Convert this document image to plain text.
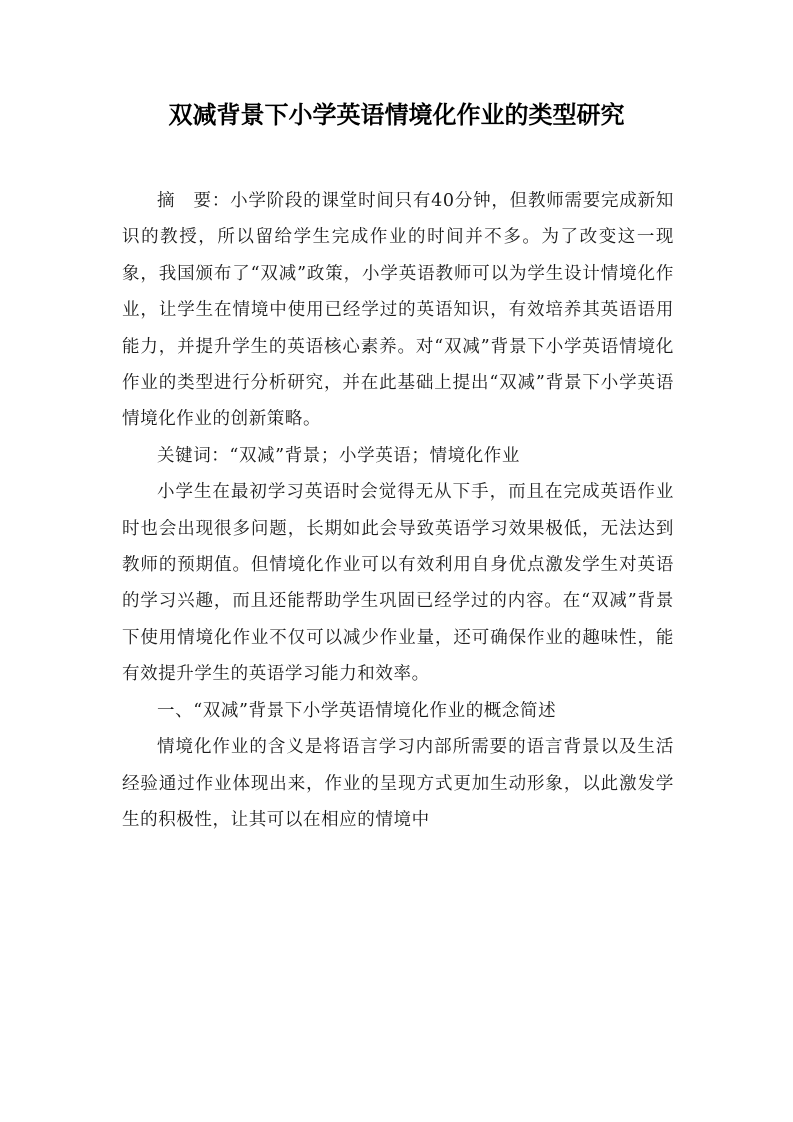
双减背景下小学英语情境化作业的类型研究

摘　要：小学阶段的课堂时间只有40分钟，但教师需要完成新知识的教授，所以留给学生完成作业的时间并不多。为了改变这一现象，我国颁布了“双减”政策，小学英语教师可以为学生设计情境化作业，让学生在情境中使用已经学过的英语知识，有效培养其英语语用能力，并提升学生的英语核心素养。对“双减”背景下小学英语情境化作业的类型进行分析研究，并在此基础上提出“双减”背景下小学英语情境化作业的创新策略。

关键词：“双减”背景；小学英语；情境化作业

小学生在最初学习英语时会觉得无从下手，而且在完成英语作业时也会出现很多问题，长期如此会导致英语学习效果极低，无法达到教师的预期值。但情境化作业可以有效利用自身优点激发学生对英语的学习兴趣，而且还能帮助学生巩固已经学过的内容。在“双减”背景下使用情境化作业不仅可以减少作业量，还可确保作业的趣味性，能有效提升学生的英语学习能力和效率。

一、“双减”背景下小学英语情境化作业的概念简述

情境化作业的含义是将语言学习内部所需要的语言背景以及生活经验通过作业体现出来，作业的呈现方式更加生动形象，以此激发学生的积极性，让其可以在相应的情境中
